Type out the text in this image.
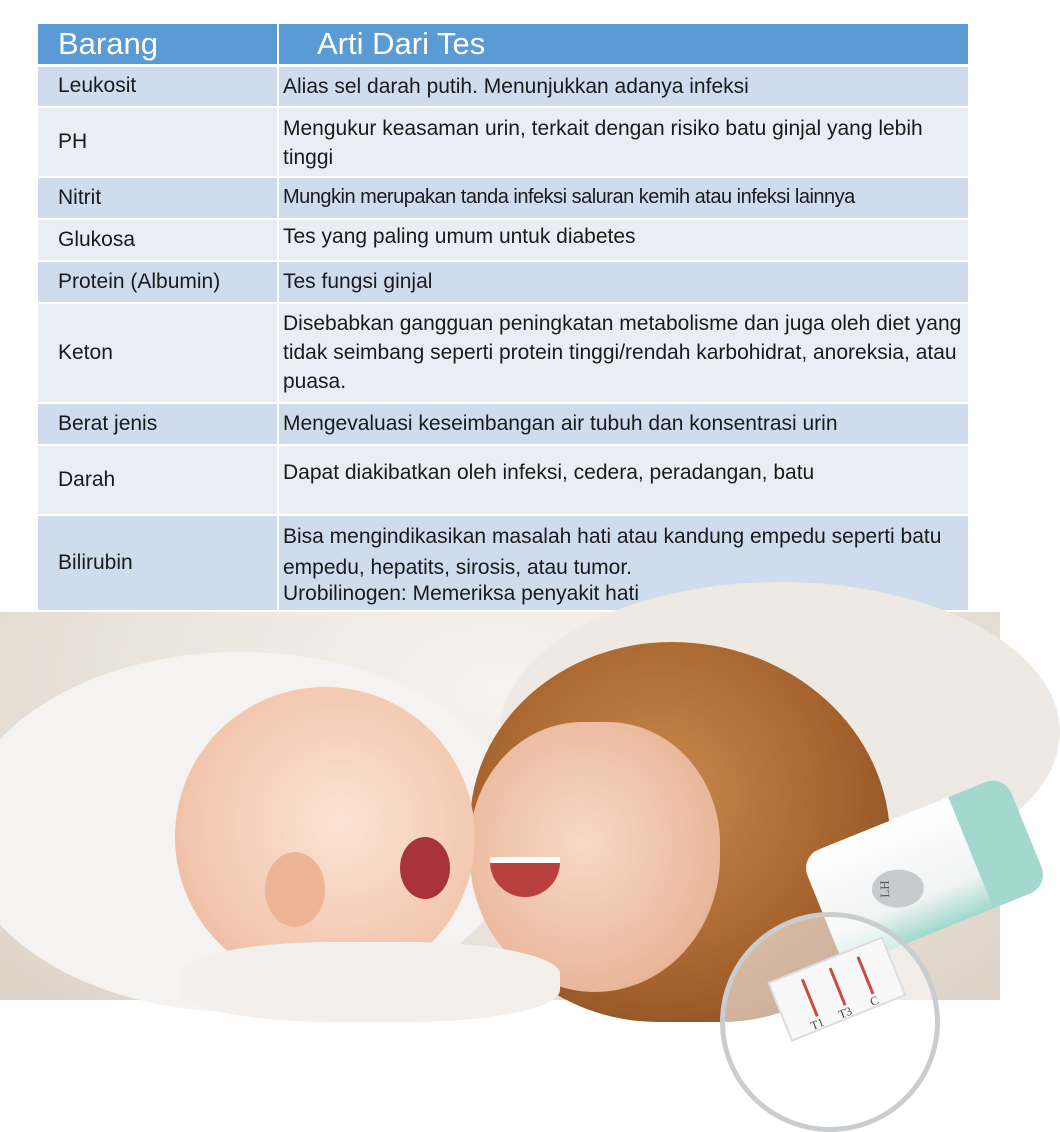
Barang	Arti Dari Tes
Leukosit	Alias sel darah putih. Menunjukkan adanya infeksi
PH	Mengukur keasaman urin, terkait dengan risiko batu ginjal yang lebih tinggi
Nitrit	Mungkin merupakan tanda infeksi saluran kemih atau infeksi lainnya
Glukosa	Tes yang paling umum untuk diabetes
Protein (Albumin)	Tes fungsi ginjal
Keton	Disebabkan gangguan peningkatan metabolisme dan juga oleh diet yang tidak seimbang seperti protein tinggi/rendah karbohidrat, anoreksia, atau puasa.
Berat jenis	Mengevaluasi keseimbangan air tubuh dan konsentrasi urin
Darah	Dapat diakibatkan oleh infeksi, cedera, peradangan, batu
Bilirubin	Bisa mengindikasikan masalah hati atau kandung empedu seperti batu empedu, hepatits, sirosis, atau tumor.
Urobilinogen: Memeriksa penyakit hati
LH
T1
T3
C
